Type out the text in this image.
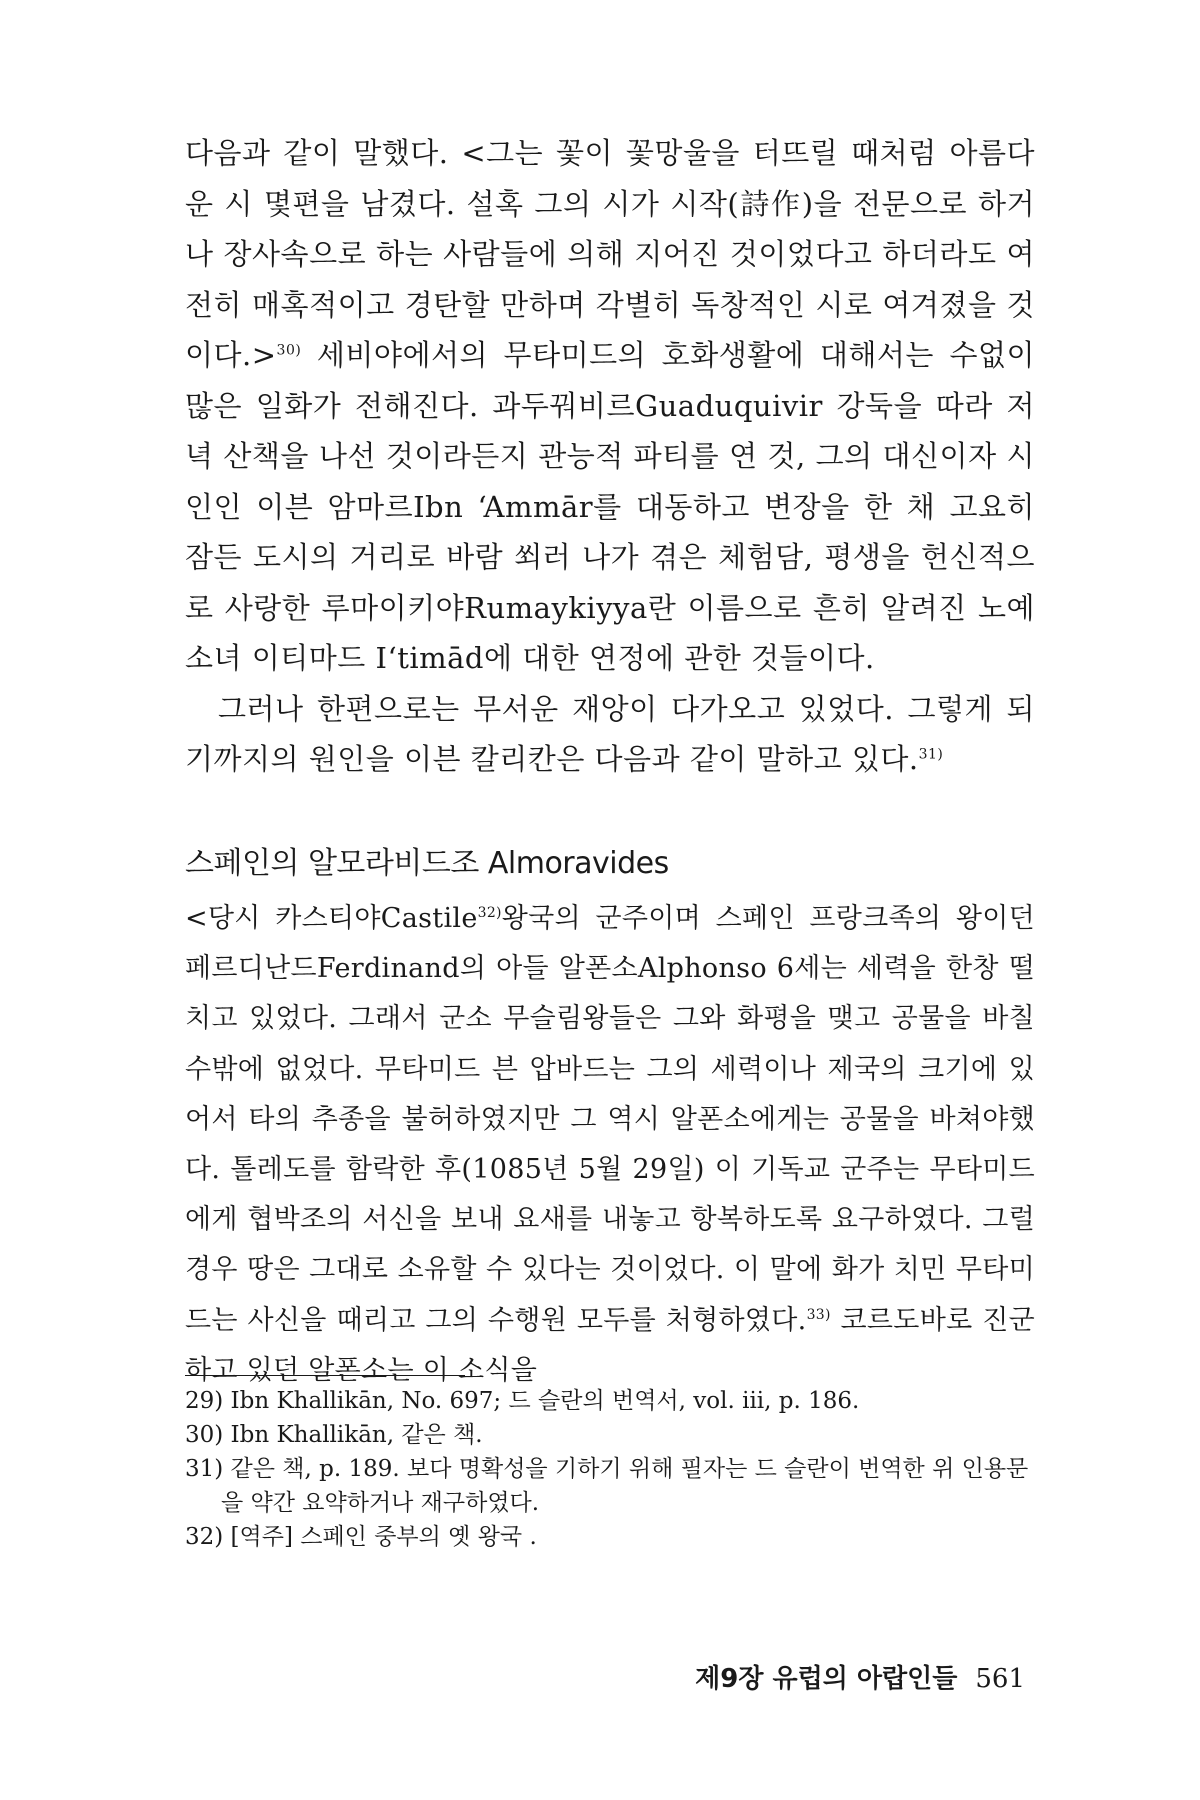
다음과 같이 말했다. <그는 꽃이 꽃망울을 터뜨릴 때처럼 아름다운 시 몇편을 남겼다. 설혹 그의 시가 시작(詩作)을 전문으로 하거나 장사속으로 하는 사람들에 의해 지어진 것이었다고 하더라도 여전히 매혹적이고 경탄할 만하며 각별히 독창적인 시로 여겨졌을 것이다.>$^{30)}$ 세비야에서의 무타미드의 호화생활에 대해서는 수없이 많은 일화가 전해진다. 과두꿔비르Guaduquivir 강둑을 따라 저녁 산책을 나선 것이라든지 관능적 파티를 연 것, 그의 대신이자 시인인 이븐 암마르Ibn ‘Ammār를 대동하고 변장을 한 채 고요히 잠든 도시의 거리로 바람 쐬러 나가 겪은 체험담, 평생을 헌신적으로 사랑한 루마이키야Rumaykiyya란 이름으로 흔히 알려진 노예 소녀 이티마드 I‘timād에 대한 연정에 관한 것들이다.

그러나 한편으로는 무서운 재앙이 다가오고 있었다. 그렇게 되기까지의 원인을 이븐 칼리칸은 다음과 같이 말하고 있다.$^{31)}$

스페인의 알모라비드조 Almoravides

<당시 카스티야Castile$^{32)}$왕국의 군주이며 스페인 프랑크족의 왕이던 페르디난드Ferdinand의 아들 알폰소Alphonso 6세는 세력을 한창 떨치고 있었다. 그래서 군소 무슬림왕들은 그와 화평을 맺고 공물을 바칠 수밖에 없었다. 무타미드 븐 압바드는 그의 세력이나 제국의 크기에 있어서 타의 추종을 불허하였지만 그 역시 알폰소에게는 공물을 바쳐야했다. 톨레도를 함락한 후(1085년 5월 29일) 이 기독교 군주는 무타미드에게 협박조의 서신을 보내 요새를 내놓고 항복하도록 요구하였다. 그럴 경우 땅은 그대로 소유할 수 있다는 것이었다. 이 말에 화가 치민 무타미드는 사신을 때리고 그의 수행원 모두를 처형하였다.$^{33)}$ 코르도바로 진군하고 있던 알폰소는 이 소식을

29) Ibn Khallikān, No. 697; 드 슬란의 번역서, vol. iii, p. 186.

30) Ibn Khallikān, 같은 책.

31) 같은 책, p. 189. 보다 명확성을 기하기 위해 필자는 드 슬란이 번역한 위 인용문을 약간 요약하거나 재구하였다.

32) [역주] 스페인 중부의 옛 왕국 .

제9장 유럽의 아랍인들 561
